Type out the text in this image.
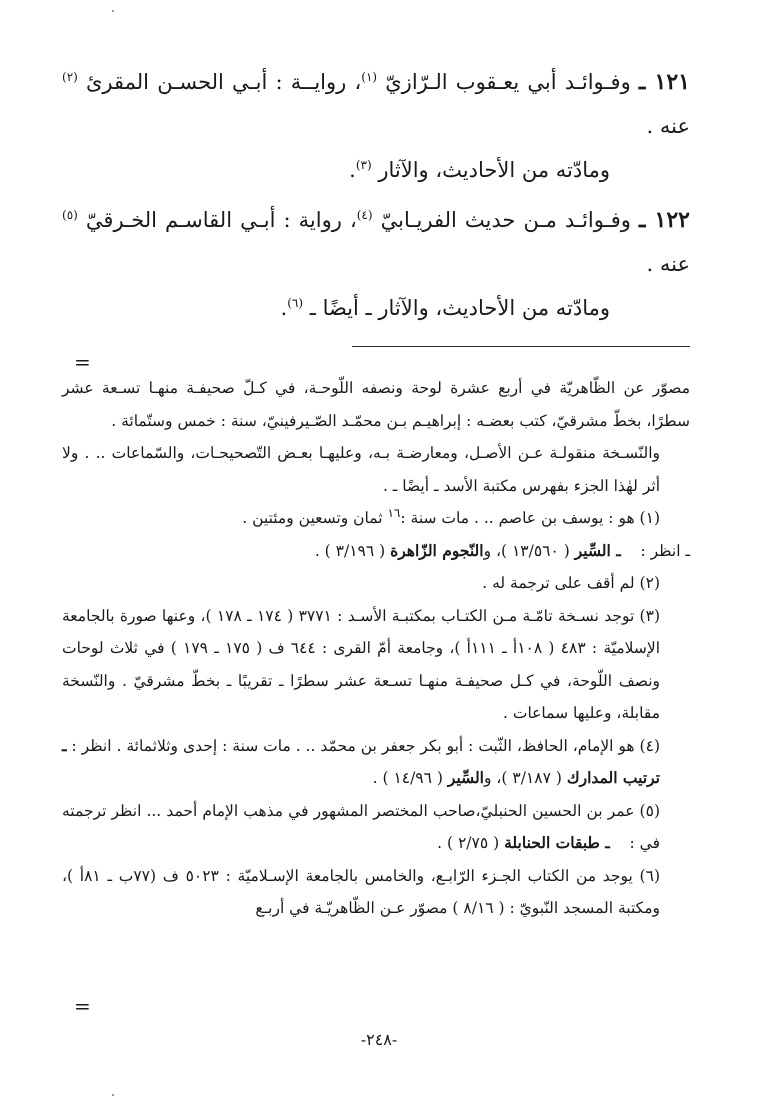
١٢١ ـ وفـوائـد أبي يعـقوب الـرّازيّ $^{(١)}$، روايــة : أبـي الحسـن المقرئ $^{(٢)}$ عنه .

ومادّته من الأحاديث، والآثار $^{(٣)}$.

١٢٢ ـ وفـوائـد مـن حديث الفريـابيّ $^{(٤)}$، رواية : أبـي القاسـم الخـرقيّ $^{(٥)}$ عنه .

ومادّته من الأحاديث، والآثار ـ أيضًا ـ $^{(٦)}$.

=

مصوّر عن الظّاهريّة في أربع عشرة لوحة ونصفه اللّوحـة، في كـلّ صحيفـة منهـا تسـعة عشر سطرًا، بخطّ مشرقيّ، كتب بعضـه : إبراهيـم بـن محمّـد الصّـيرفينيّ، سنة : خمس وستّمائة .

والنّسـخة منقولـة عـن الأصـل، ومعارضـة بـه، وعليهـا بعـض التّصحيحـات، والسّماعات .. . ولا أثر لهٰذا الجزء بفهرس مكتبة الأسد ـ أيضًا ـ .

(١) هو : يوسف بن عاصم .. . مات سنة :$^{١٦}$ ثمان وتسعين ومئتين .

ـ انظر :    ـ السِّير ( ١٣/٥٦٠ )، والنّجوم الزّاهرة ( ٣/١٩٦ ) .

(٢) لم أقف على ترجمة له .

(٣) توجد نسـخة تامّـة مـن الكتـاب بمكتبـة الأسـد : ٣٧٧١ ( ١٧٤ ـ ١٧٨ )، وعنها صورة بالجامعة الإسلاميّة : ٤٨٣ ( ١٠٨أ ـ ١١١أ )، وجامعة أمّ القرى : ٦٤٤ ف ( ١٧٥ ـ ١٧٩ ) في ثلاث لوحات ونصف اللّوحة، في كـل صحيفـة منهـا تسـعة عشر سطرًا ـ تقريبًا ـ بخطّ مشرقيّ . والنّسخة مقابلة، وعليها سماعات .

(٤) هو الإمام، الحافظ، الثّبت : أبو بكر جعفر بن محمّد .. . مات سنة : إحدى وثلاثمائة . انظر : ـ ترتيب المدارك ( ٣/١٨٧ )، والسِّير ( ١٤/٩٦ ) .

(٥) عمر بن الحسين الحنبليّ،صاحب المختصر المشهور في مذهب الإمام أحمد ... انظر ترجمته في :    ـ طبقات الحنابلة ( ٢/٧٥ ) .

(٦) يوجد من الكتاب الجـزء الرّابـع، والخامس بالجامعة الإسـلاميّة : ٥٠٢٣ ف (٧٧ب ـ ٨١أ )، ومكتبة المسجد النّبويّ : ( ٨/١٦ ) مصوّر عـن الظّاهريّـة في أربـع

=
-٢٤٨-
